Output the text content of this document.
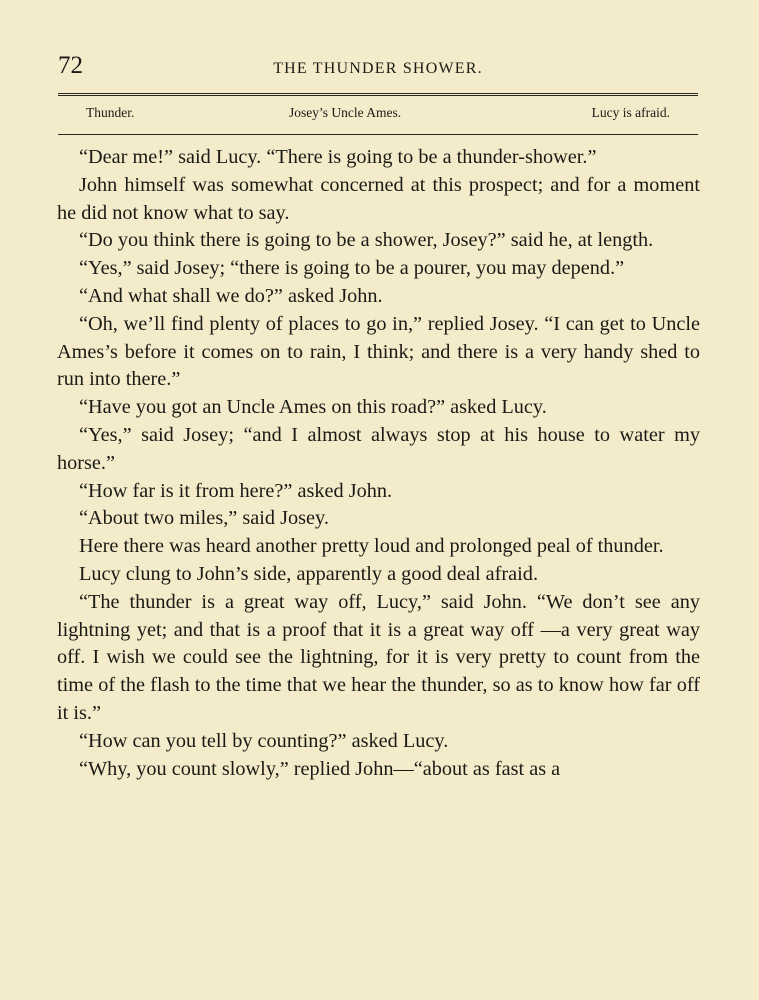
72	THE THUNDER SHOWER.
Thunder.	Josey’s Uncle Ames.	Lucy is afraid.

“Dear me!” said Lucy. “There is going to be a thunder-shower.”

John himself was somewhat concerned at this prospect; and for a moment he did not know what to say.

“Do you think there is going to be a shower, Josey?” said he, at length.

“Yes,” said Josey; “there is going to be a pourer, you may depend.”

“And what shall we do?” asked John.

“Oh, we’ll find plenty of places to go in,” replied Josey. “I can get to Uncle Ames’s before it comes on to rain, I think; and there is a very handy shed to run into there.”

“Have you got an Uncle Ames on this road?” asked Lucy.

“Yes,” said Josey; “and I almost always stop at his house to water my horse.”

“How far is it from here?” asked John.

“About two miles,” said Josey.

Here there was heard another pretty loud and prolonged peal of thunder.

Lucy clung to John’s side, apparently a good deal afraid.

“The thunder is a great way off, Lucy,” said John. “We don’t see any lightning yet; and that is a proof that it is a great way off —a very great way off. I wish we could see the lightning, for it is very pretty to count from the time of the flash to the time that we hear the thunder, so as to know how far off it is.”

“How can you tell by counting?” asked Lucy.

“Why, you count slowly,” replied John—“about as fast as a
